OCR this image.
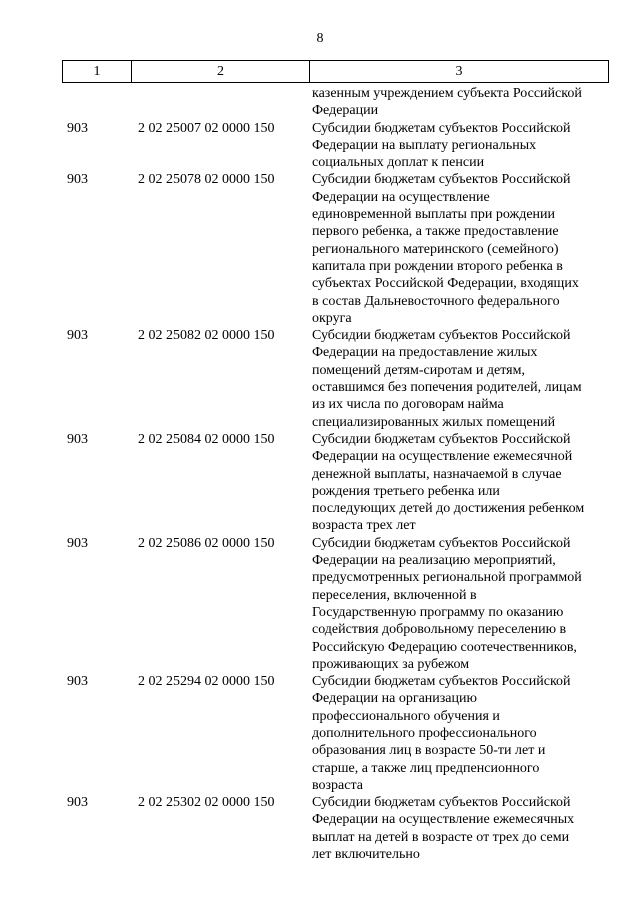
8
1	2	3
казенным учреждением субъекта Российской
Федерации
903	2 02 25007 02 0000 150	Субсидии бюджетам субъектов Российской
Федерации на выплату региональных
социальных доплат к пенсии
903	2 02 25078 02 0000 150	Субсидии бюджетам субъектов Российской
Федерации на осуществление
единовременной выплаты при рождении
первого ребенка, а также предоставление
регионального материнского (семейного)
капитала при рождении второго ребенка в
субъектах Российской Федерации, входящих
в состав Дальневосточного федерального
округа
903	2 02 25082 02 0000 150	Субсидии бюджетам субъектов Российской
Федерации на предоставление жилых
помещений детям-сиротам и детям,
оставшимся без попечения родителей, лицам
из их числа по договорам найма
специализированных жилых помещений
903	2 02 25084 02 0000 150	Субсидии бюджетам субъектов Российской
Федерации на осуществление ежемесячной
денежной выплаты, назначаемой в случае
рождения третьего ребенка или
последующих детей до достижения ребенком
возраста трех лет
903	2 02 25086 02 0000 150	Субсидии бюджетам субъектов Российской
Федерации на реализацию мероприятий,
предусмотренных региональной программой
переселения, включенной в
Государственную программу по оказанию
содействия добровольному переселению в
Российскую Федерацию соотечественников,
проживающих за рубежом
903	2 02 25294 02 0000 150	Субсидии бюджетам субъектов Российской
Федерации на организацию
профессионального обучения и
дополнительного профессионального
образования лиц в возрасте 50-ти лет и
старше, а также лиц предпенсионного
возраста
903	2 02 25302 02 0000 150	Субсидии бюджетам субъектов Российской
Федерации на осуществление ежемесячных
выплат на детей в возрасте от трех до семи
лет включительно
